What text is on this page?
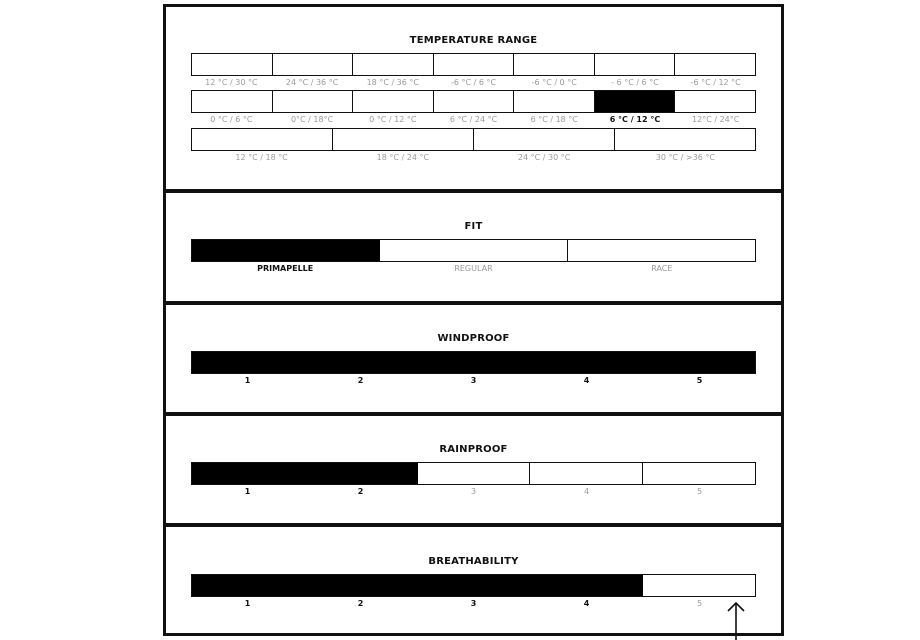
TEMPERATURE RANGE
12 °C / 30 °C	24 °C / 36 °C	18 °C / 36 °C	-6 °C / 6 °C	-6 °C / 0 °C	- 6 °C / 6 °C	-6 °C / 12 °C
0 °C / 6 °C	0°C / 18°C	0 °C / 12 °C	6 °C / 24 °C	6 °C / 18 °C	6 °C / 12 °C	12°C / 24°C
12 °C / 18 °C	18 °C / 24 °C	24 °C / 30 °C	30 °C / >36 °C
FIT
PRIMAPELLE	REGULAR	RACE
WINDPROOF
1	2	3	4	5
RAINPROOF
1	2	3	4	5
BREATHABILITY
1	2	3	4	5
